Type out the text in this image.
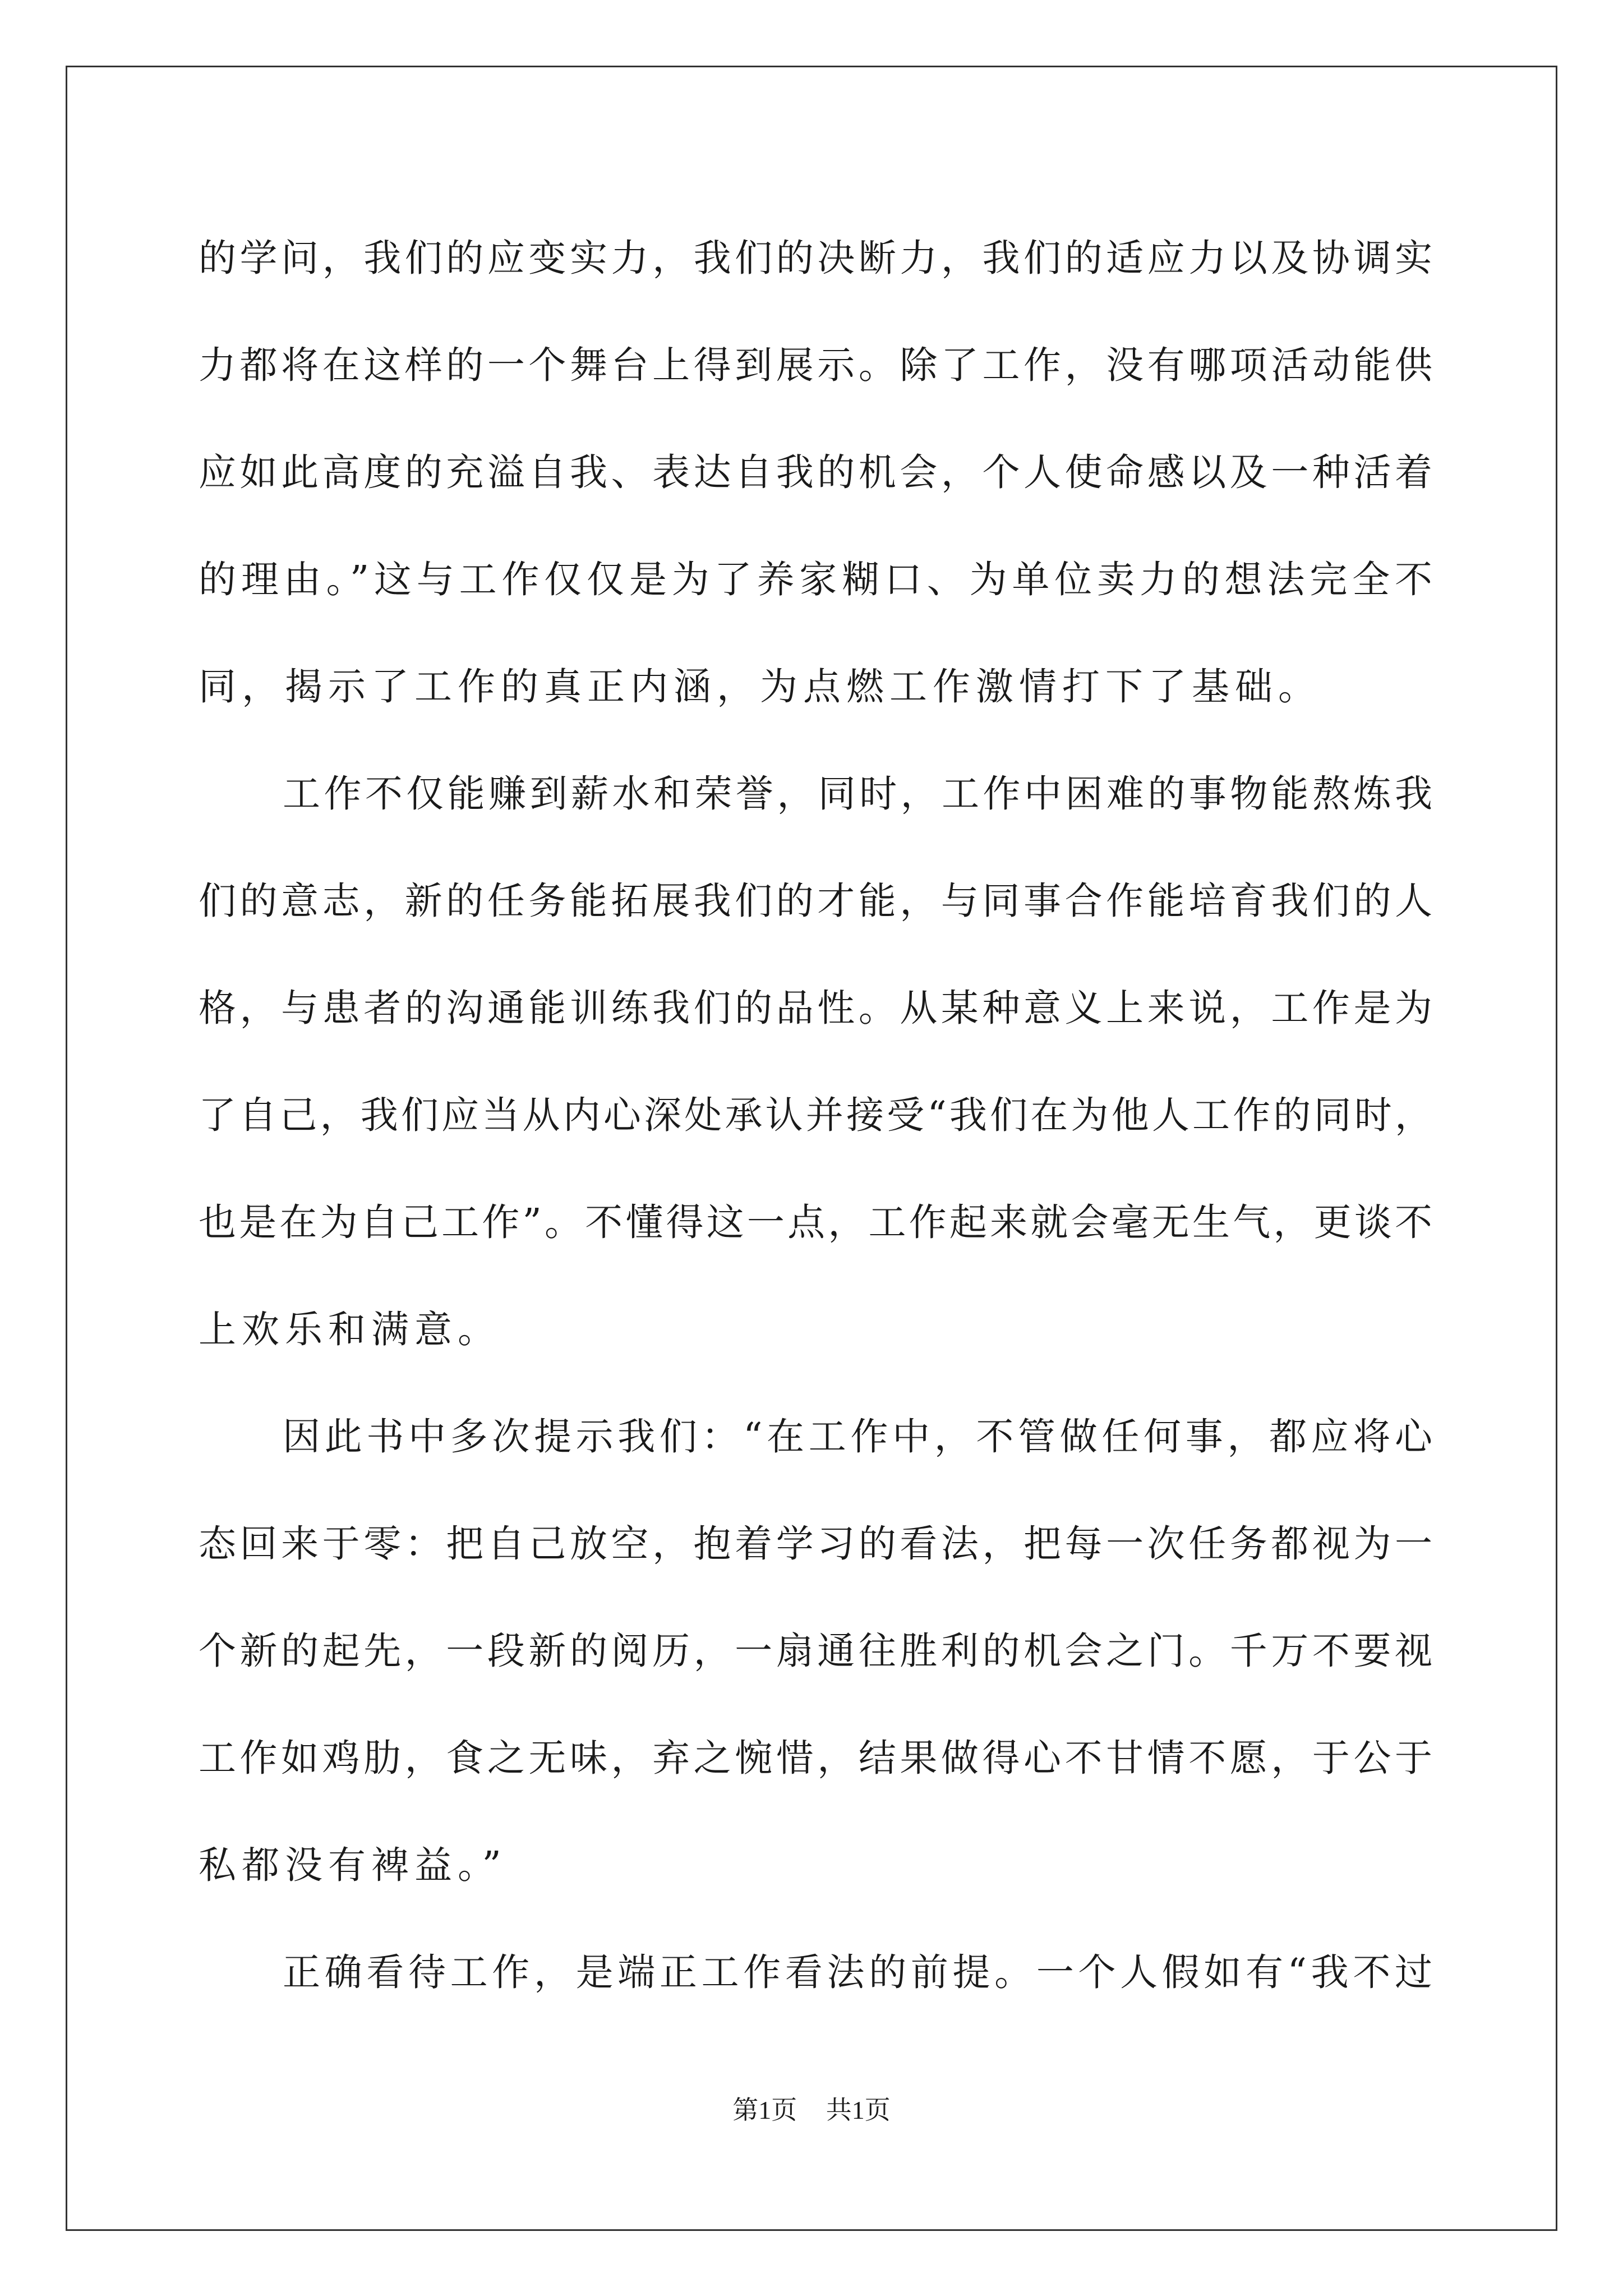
的学问，我们的应变实力，我们的决断力，我们的适应力以及协调实
力都将在这样的一个舞台上得到展示。除了工作，没有哪项活动能供
应如此高度的充溢自我、表达自我的机会，个人使命感以及一种活着
的理由。”这与工作仅仅是为了养家糊口、为单位卖力的想法完全不
同，揭示了工作的真正内涵，为点燃工作激情打下了基础。
工作不仅能赚到薪水和荣誉，同时，工作中困难的事物能熬炼我
们的意志，新的任务能拓展我们的才能，与同事合作能培育我们的人
格，与患者的沟通能训练我们的品性。从某种意义上来说，工作是为
了自己，我们应当从内心深处承认并接受“我们在为他人工作的同时，
也是在为自己工作”。不懂得这一点，工作起来就会毫无生气，更谈不
上欢乐和满意。
因此书中多次提示我们：“在工作中，不管做任何事，都应将心
态回来于零：把自己放空，抱着学习的看法，把每一次任务都视为一
个新的起先，一段新的阅历，一扇通往胜利的机会之门。千万不要视
工作如鸡肋，食之无味，弃之惋惜，结果做得心不甘情不愿，于公于
私都没有裨益。”
正确看待工作，是端正工作看法的前提。一个人假如有“我不过
第1页 共1页
